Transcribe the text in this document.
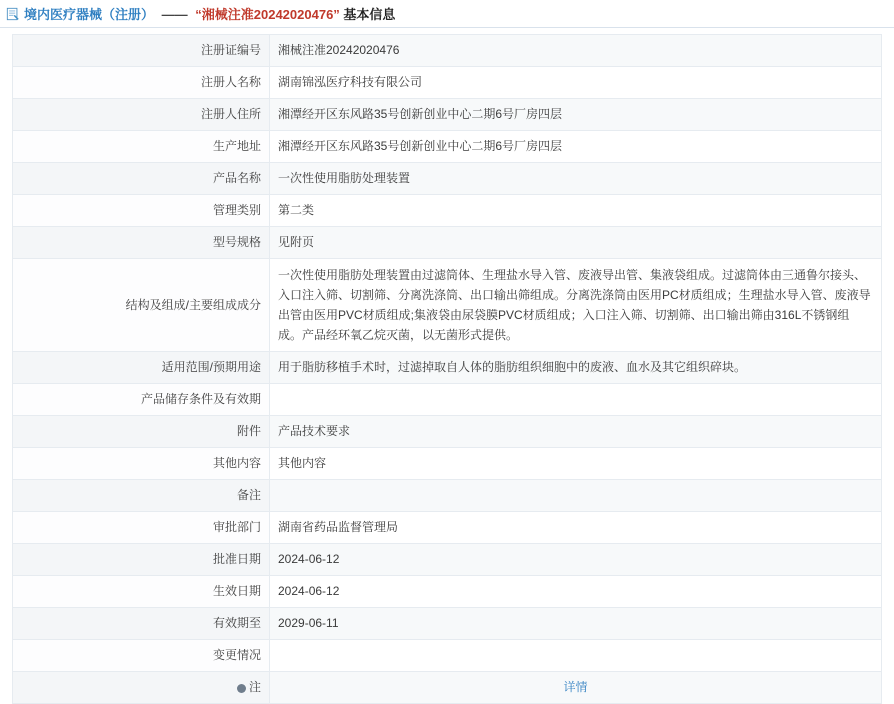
境内医疗器械（注册） —— “湘械注准20242020476” 基本信息
注册证编号	湘械注准20242020476
注册人名称	湖南锦泓医疗科技有限公司
注册人住所	湘潭经开区东风路35号创新创业中心二期6号厂房四层
生产地址	湘潭经开区东风路35号创新创业中心二期6号厂房四层
产品名称	一次性使用脂肪处理装置
管理类别	第二类
型号规格	见附页
结构及组成/主要组成成分	一次性使用脂肪处理装置由过滤筒体、生理盐水导入管、废液导出管、集液袋组成。过滤筒体由三通鲁尔接头、入口注入筛、切割筛、分离洗涤筒、出口输出筛组成。分离洗涤筒由医用PC材质组成；生理盐水导入管、废液导出管由医用PVC材质组成;集液袋由尿袋膜PVC材质组成；入口注入筛、切割筛、出口输出筛由316L不锈钢组成。产品经环氧乙烷灭菌，以无菌形式提供。
适用范围/预期用途	用于脂肪移植手术时，过滤掉取自人体的脂肪组织细胞中的废液、血水及其它组织碎块。
产品储存条件及有效期	
附件	产品技术要求
其他内容	其他内容
备注	
审批部门	湖南省药品监督管理局
批准日期	2024-06-12
生效日期	2024-06-12
有效期至	2029-06-11
变更情况	

注	详情
